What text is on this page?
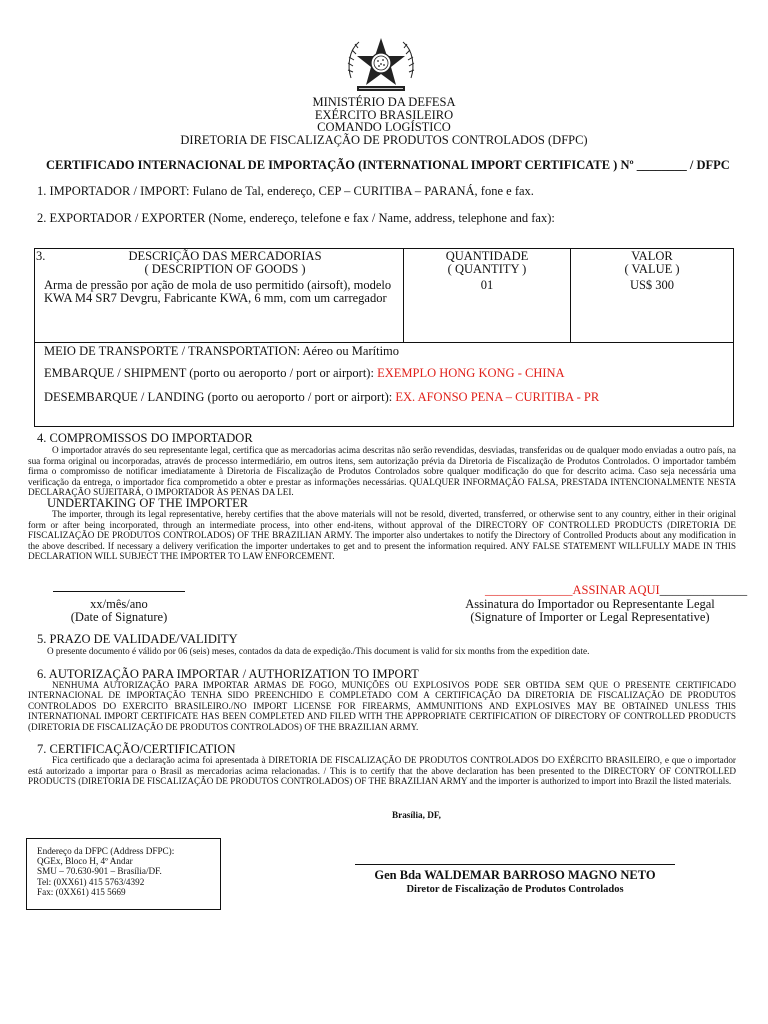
MINISTÉRIO DA DEFESA
EXÉRCITO BRASILEIRO
COMANDO LOGÍSTICO
DIRETORIA DE FISCALIZAÇÃO DE PRODUTOS CONTROLADOS (DFPC)
CERTIFICADO INTERNACIONAL DE IMPORTAÇÃO (INTERNATIONAL IMPORT CERTIFICATE ) Nº ________ / DFPC
1. IMPORTADOR / IMPORT: Fulano de Tal, endereço, CEP – CURITIBA – PARANÁ, fone e fax.
2. EXPORTADOR / EXPORTER (Nome, endereço, telefone e fax / Name, address, telephone and fax):
3.	DESCRIÇÃO DAS MERCADORIAS
( DESCRIPTION OF GOODS )
QUANTIDADE
( QUANTITY )
VALOR
( VALUE )
Arma de pressão por ação de mola de uso permitido (airsoft), modelo
KWA M4 SR7 Devgru, Fabricante KWA, 6 mm, com um carregador
01	US$ 300
MEIO DE TRANSPORTE / TRANSPORTATION: Aéreo ou Marítimo
EMBARQUE / SHIPMENT (porto ou aeroporto / port or airport): EXEMPLO HONG KONG - CHINA
DESEMBARQUE / LANDING (porto ou aeroporto / port or airport): EX. AFONSO PENA – CURITIBA - PR
4. COMPROMISSOS DO IMPORTADOR
O importador através do seu representante legal, certifica que as mercadorias acima descritas não serão revendidas, desviadas, transferidas ou de qualquer modo enviadas a outro país, na sua forma original ou incorporadas, através de processo intermediário, em outros itens, sem autorização prévia da Diretoria de Fiscalização de Produtos Controlados. O importador também firma o compromisso de notificar imediatamente à Diretoria de Fiscalização de Produtos Controlados sobre qualquer modificação do que for descrito acima. Caso seja necessária uma verificação da entrega, o importador fica comprometido a obter e prestar as informações necessárias. QUALQUER INFORMAÇÃO FALSA, PRESTADA INTENCIONALMENTE NESTA DECLARAÇÃO SUJEITARÁ, O IMPORTADOR ÀS PENAS DA LEI.
UNDERTAKING OF THE IMPORTER
The importer, through its legal representative, hereby certifies that the above materials will not be resold, diverted, transferred, or otherwise sent to any country, either in their original form or after being incorporated, through an intermediate process, into other end-itens, without approval of the DIRECTORY OF CONTROLLED PRODUCTS (DIRETORIA DE FISCALIZAÇÃO DE PRODUTOS CONTROLADOS) OF THE BRAZILIAN ARMY. The importer also undertakes to notify the Directory of Controlled Products about any modification in the above described. If necessary a delivery verification the importer undertakes to get and to present the information required. ANY FALSE STATEMENT WILLFULLY MADE IN THIS DECLARATION WILL SUBJECT THE IMPORTER TO LAW ENFORCEMENT.
xx/mês/ano
(Date of Signature)
______________ASSINAR AQUI______________
Assinatura do Importador ou Representante Legal
(Signature of Importer or Legal Representative)
5. PRAZO DE VALIDADE/VALIDITY
O presente documento é válido por 06 (seis) meses, contados da data de expedição./This document is valid for six months from the expedition date.
6. AUTORIZAÇÃO PARA IMPORTAR / AUTHORIZATION TO IMPORT
NENHUMA AUTORIZAÇÃO PARA IMPORTAR ARMAS DE FOGO, MUNIÇÕES OU EXPLOSIVOS PODE SER OBTIDA SEM QUE O PRESENTE CERTIFICADO INTERNACIONAL DE IMPORTAÇÃO TENHA SIDO PREENCHIDO E COMPLETADO COM A CERTIFICAÇÃO DA DIRETORIA DE FISCALIZAÇÃO DE PRODUTOS CONTROLADOS DO EXERCITO BRASILEIRO./NO IMPORT LICENSE FOR FIREARMS, AMMUNITIONS AND EXPLOSIVES MAY BE OBTAINED UNLESS THIS INTERNATIONAL IMPORT CERTIFICATE HAS BEEN COMPLETED AND FILED WITH THE APPROPRIATE CERTIFICATION OF DIRECTORY OF CONTROLLED PRODUCTS (DIRETORIA DE FISCALIZAÇÃO DE PRODUTOS CONTROLADOS) OF THE BRAZILIAN ARMY.
7. CERTIFICAÇÃO/CERTIFICATION
Fica certificado que a declaração acima foi apresentada à DIRETORIA DE FISCALIZAÇÃO DE PRODUTOS CONTROLADOS DO EXÉRCITO BRASILEIRO, e que o importador está autorizado a importar para o Brasil as mercadorias acima relacionadas. / This is to certify that the above declaration has been presented to the DIRECTORY OF CONTROLLED PRODUCTS (DIRETORIA DE FISCALIZAÇÃO DE PRODUTOS CONTROLADOS) OF THE BRAZILIAN ARMY and the importer is authorized to import into Brazil the listed materials.
Brasília, DF,
Endereço da DFPC (Address DFPC):
QGEx, Bloco H, 4º Andar
SMU – 70.630-901 – Brasília/DF.
Tel: (0XX61) 415 5763/4392
Fax: (0XX61) 415 5669
Gen Bda WALDEMAR BARROSO MAGNO NETO
Diretor de Fiscalização de Produtos Controlados
